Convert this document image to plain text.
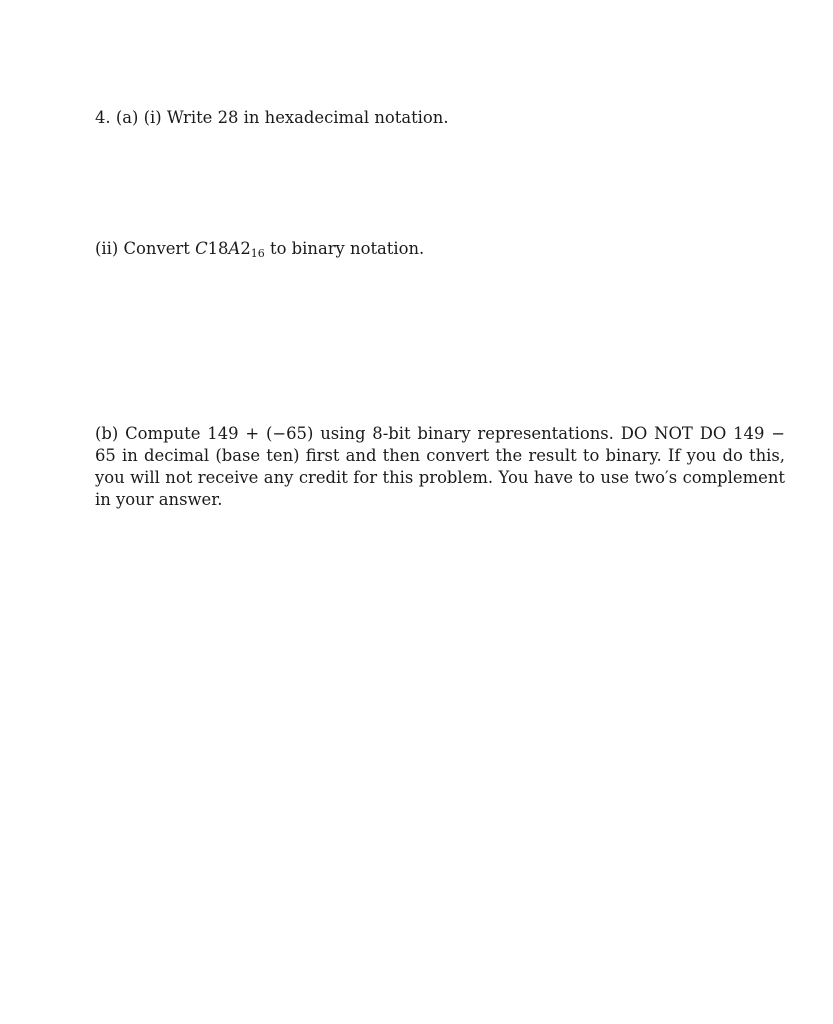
4. (a) (i) Write 28 in hexadecimal notation.
(ii) Convert $C18A2_{16}$ to binary notation.
(b) Compute 149 + (−65) using 8-bit binary representations. DO NOT DO 149 − 65 in decimal (base ten) first and then convert the result to binary. If you do this, you will not receive any credit for this problem. You have to use two′s complement in your answer.
